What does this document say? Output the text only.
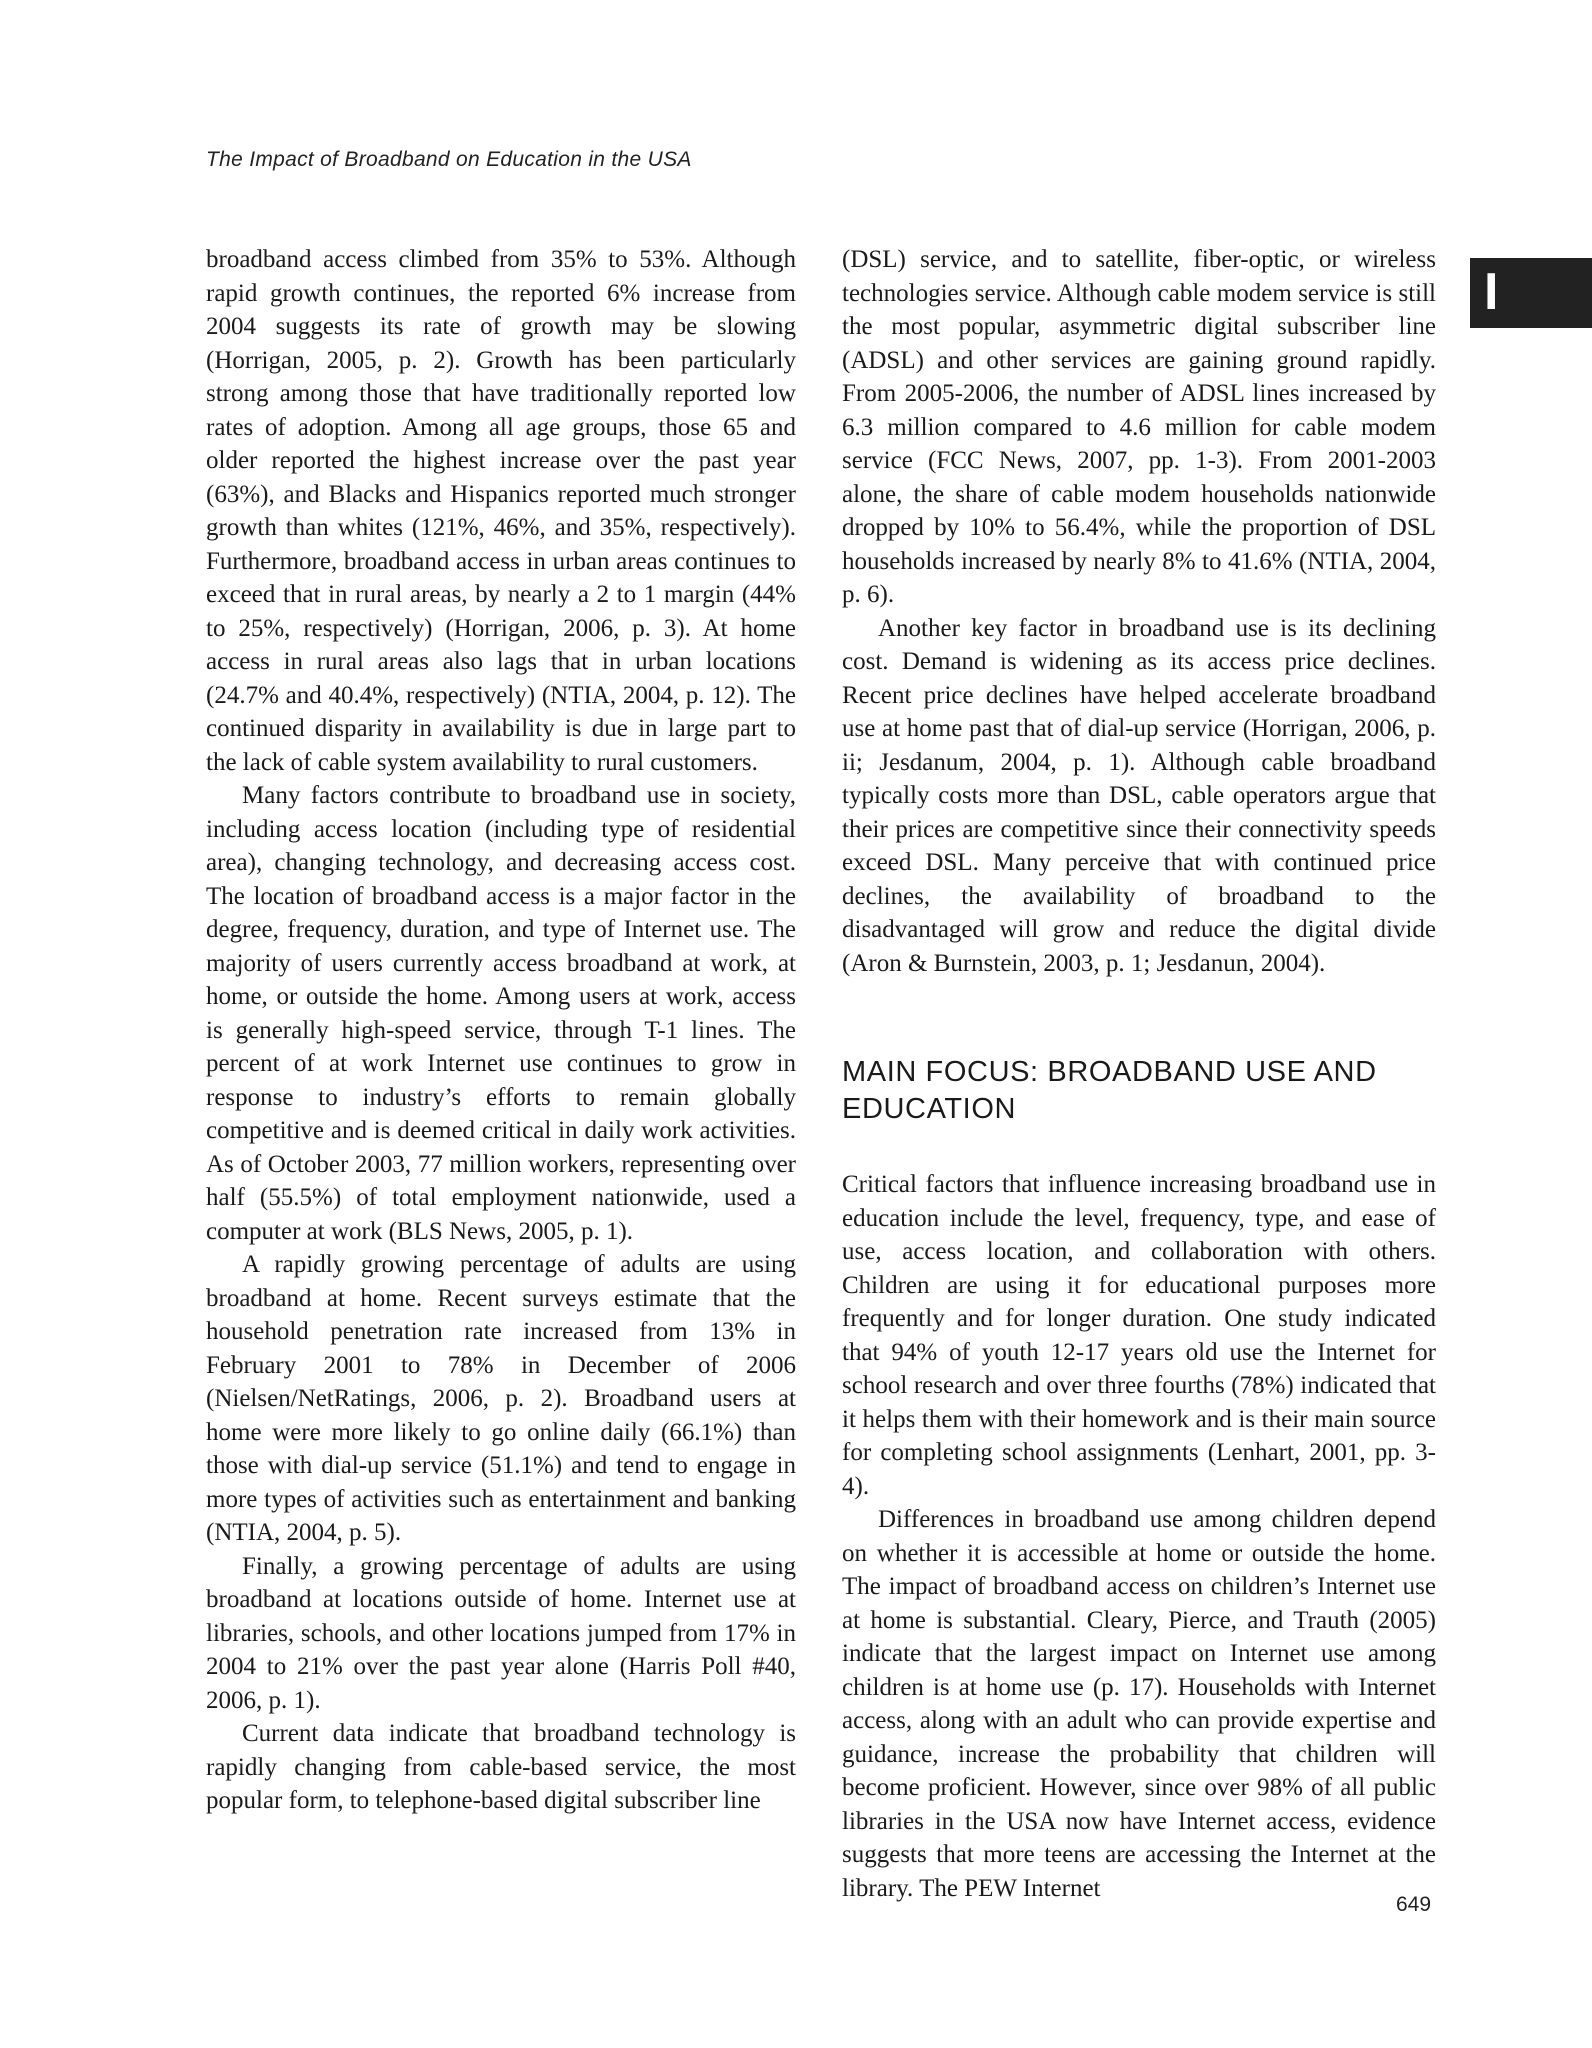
The Impact of Broadband on Education in the USA
I

broadband access climbed from 35% to 53%. Although rapid growth continues, the reported 6% increase from 2004 suggests its rate of growth may be slowing (Horrigan, 2005, p. 2). Growth has been particularly strong among those that have traditionally reported low rates of adoption. Among all age groups, those 65 and older reported the highest increase over the past year (63%), and Blacks and Hispanics reported much stronger growth than whites (121%, 46%, and 35%, respectively). Furthermore, broadband access in urban areas continues to exceed that in rural areas, by nearly a 2 to 1 margin (44% to 25%, respectively) (Horrigan, 2006, p. 3). At home access in rural areas also lags that in urban locations (24.7% and 40.4%, respectively) (NTIA, 2004, p. 12). The continued disparity in availability is due in large part to the lack of cable system availability to rural customers.

Many factors contribute to broadband use in society, including access location (including type of residential area), changing technology, and decreasing access cost. The location of broadband access is a major factor in the degree, frequency, duration, and type of Internet use. The majority of users currently access broadband at work, at home, or outside the home. Among users at work, access is generally high-speed service, through T-1 lines. The percent of at work Internet use continues to grow in response to industry’s efforts to remain globally competitive and is deemed critical in daily work activities. As of October 2003, 77 million workers, representing over half (55.5%) of total employment nationwide, used a computer at work (BLS News, 2005, p. 1).

A rapidly growing percentage of adults are using broadband at home. Recent surveys estimate that the household penetration rate increased from 13% in February 2001 to 78% in December of 2006 (Nielsen/NetRatings, 2006, p. 2). Broadband users at home were more likely to go online daily (66.1%) than those with dial-up service (51.1%) and tend to engage in more types of activities such as entertainment and banking (NTIA, 2004, p. 5).

Finally, a growing percentage of adults are using broadband at locations outside of home. Internet use at libraries, schools, and other locations jumped from 17% in 2004 to 21% over the past year alone (Harris Poll #40, 2006, p. 1).

Current data indicate that broadband technology is rapidly changing from cable-based service, the most popular form, to telephone-based digital subscriber line

(DSL) service, and to satellite, fiber-optic, or wireless technologies service. Although cable modem service is still the most popular, asymmetric digital subscriber line (ADSL) and other services are gaining ground rapidly. From 2005-2006, the number of ADSL lines increased by 6.3 million compared to 4.6 million for cable modem service (FCC News, 2007, pp. 1-3). From 2001-2003 alone, the share of cable modem households nationwide dropped by 10% to 56.4%, while the proportion of DSL households increased by nearly 8% to 41.6% (NTIA, 2004, p. 6).

Another key factor in broadband use is its declining cost. Demand is widening as its access price declines. Recent price declines have helped accelerate broadband use at home past that of dial-up service (Horrigan, 2006, p. ii; Jesdanum, 2004, p. 1). Although cable broadband typically costs more than DSL, cable operators argue that their prices are competitive since their connectivity speeds exceed DSL. Many perceive that with continued price declines, the availability of broadband to the disadvantaged will grow and reduce the digital divide (Aron & Burnstein, 2003, p. 1; Jesdanun, 2004).

MAIN FOCUS: BROADBAND USE AND EDUCATION

Critical factors that influence increasing broadband use in education include the level, frequency, type, and ease of use, access location, and collaboration with others. Children are using it for educational purposes more frequently and for longer duration. One study indicated that 94% of youth 12-17 years old use the Internet for school research and over three fourths (78%) indicated that it helps them with their homework and is their main source for completing school assignments (Lenhart, 2001, pp. 3-4).

Differences in broadband use among children depend on whether it is accessible at home or outside the home. The impact of broadband access on children’s Internet use at home is substantial. Cleary, Pierce, and Trauth (2005) indicate that the largest impact on Internet use among children is at home use (p. 17). Households with Internet access, along with an adult who can provide expertise and guidance, increase the probability that children will become proficient. However, since over 98% of all public libraries in the USA now have Internet access, evidence suggests that more teens are accessing the Internet at the library. The PEW Internet

649
